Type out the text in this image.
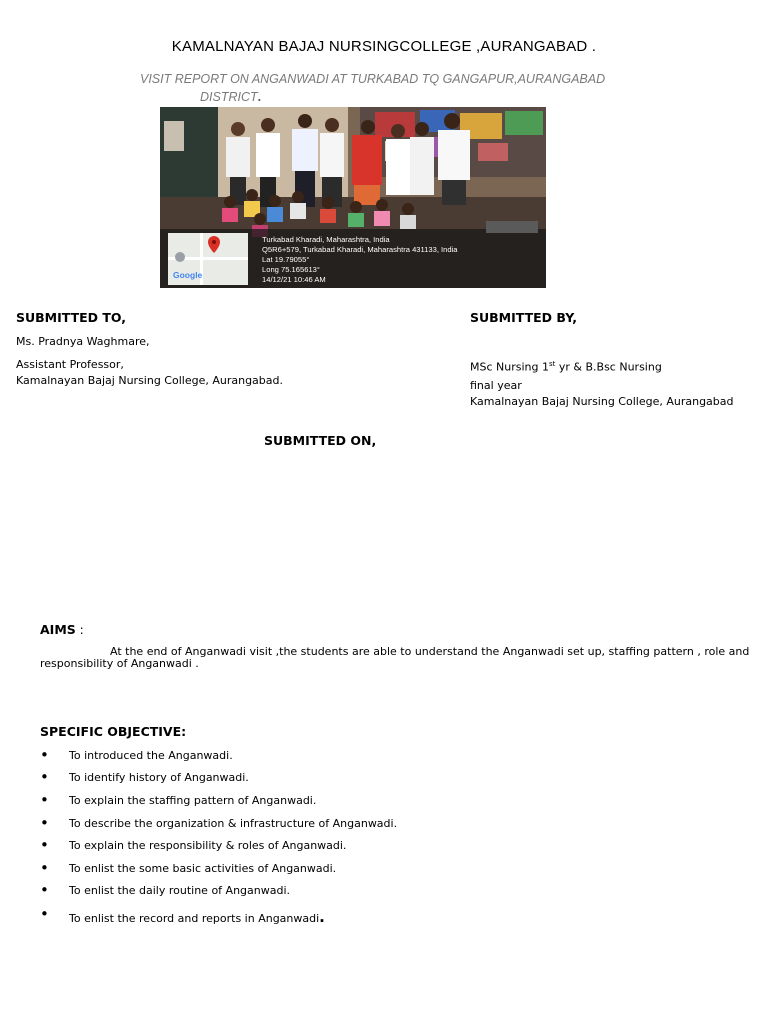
KAMALNAYAN BAJAJ NURSINGCOLLEGE ,AURANGABAD .
VISIT REPORT ON ANGANWADI AT TURKABAD TQ GANGAPUR,AURANGABAD
DISTRICT.
Google
Turkabad Kharadi, Maharashtra, India
Q5R6+579, Turkabad Kharadi, Maharashtra 431133, India
Lat 19.79055°
Long 75.165613°
14/12/21 10:46 AM
SUBMITTED TO,
Ms. Pradnya Waghmare,
Assistant Professor,
Kamalnayan Bajaj Nursing College, Aurangabad.
SUBMITTED BY,
MSc Nursing 1st yr & B.Bsc Nursing
final year
Kamalnayan Bajaj Nursing College, Aurangabad
SUBMITTED ON,
AIMS :
At the end of Anganwadi visit ,the students are able to understand the Anganwadi set up, staffing pattern , role and
responsibility of Anganwadi .
SPECIFIC OBJECTIVE:
• To introduced the Anganwadi.
• To identify history of Anganwadi.
• To explain the staffing pattern of Anganwadi.
• To describe the organization & infrastructure of Anganwadi.
• To explain the responsibility & roles of Anganwadi.
• To enlist the some basic activities of Anganwadi.
• To enlist the daily routine of Anganwadi.
• To enlist the record and reports in Anganwadi.
